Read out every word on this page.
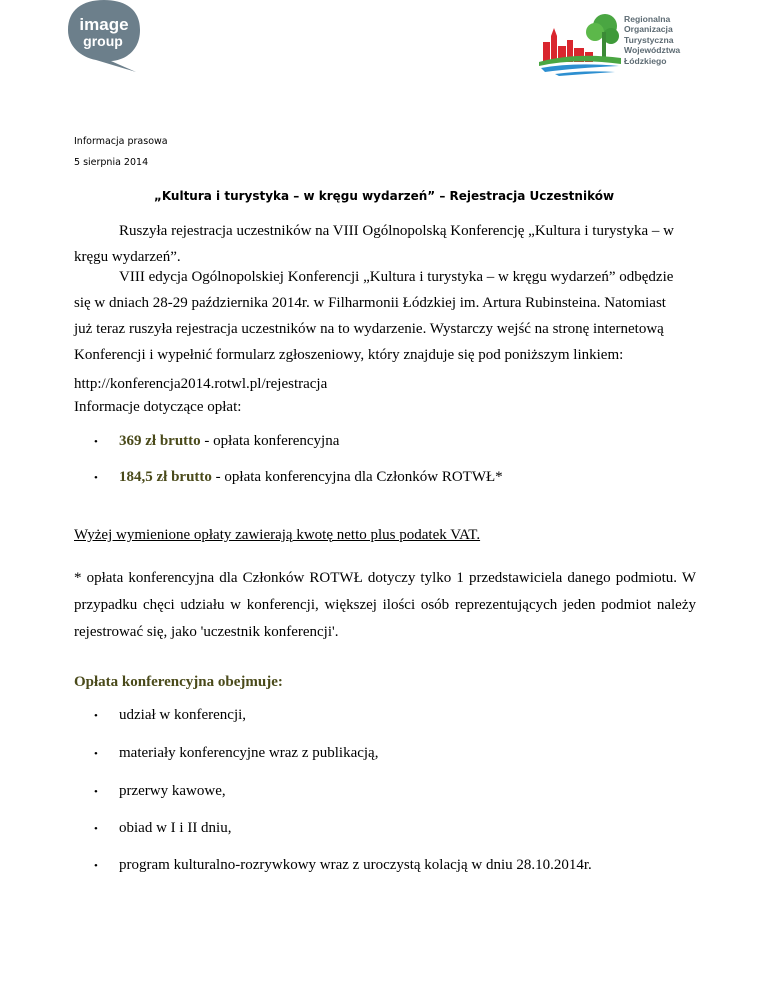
image
group
Regionalna
Organizacja
Turystyczna
Województwa
Łódzkiego
Informacja prasowa
5 sierpnia 2014
„Kultura i turystyka – w kręgu wydarzeń” – Rejestracja Uczestników
Ruszyła rejestracja uczestników na VIII Ogólnopolską Konferencję „Kultura i turystyka – w
kręgu wydarzeń”.
VIII edycja Ogólnopolskiej Konferencji „Kultura i turystyka – w kręgu wydarzeń” odbędzie
się w dniach 28-29 października 2014r. w Filharmonii Łódzkiej im. Artura Rubinsteina. Natomiast
już teraz ruszyła rejestracja uczestników na to wydarzenie. Wystarczy wejść na stronę internetową
Konferencji i wypełnić formularz zgłoszeniowy, który znajduje się pod poniższym linkiem:
http://konferencja2014.rotwl.pl/rejestracja
Informacje dotyczące opłat:
• 369 zł brutto - opłata konferencyjna
• 184,5 zł brutto - opłata konferencyjna dla Członków ROTWŁ*
Wyżej wymienione opłaty zawierają kwotę netto plus podatek VAT.
* opłata konferencyjna dla Członków ROTWŁ dotyczy tylko 1 przedstawiciela danego podmiotu. W przypadku chęci udziału w konferencji, większej ilości osób reprezentujących jeden podmiot należy rejestrować się, jako 'uczestnik konferencji'.
Opłata konferencyjna obejmuje:
• udział w konferencji,
• materiały konferencyjne wraz z publikacją,
• przerwy kawowe,
• obiad w I i II dniu,
• program kulturalno-rozrywkowy wraz z uroczystą kolacją w dniu 28.10.2014r.
